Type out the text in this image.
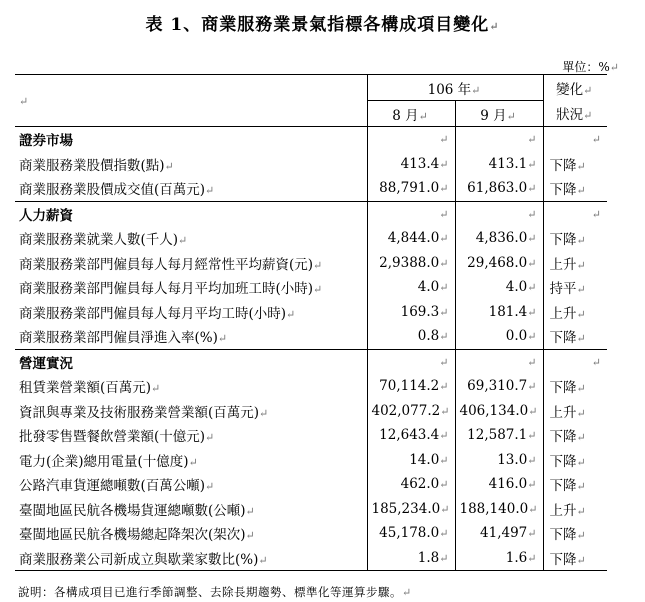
表 1、商業服務業景氣指標各構成項目變化↵
單位：%↵
↵	106 年↵		變化↵
	8 月↵	9 月↵	狀況↵
證券市場	↵	↵	↵
商業服務業股價指數(點)↵	413.4↵	413.1↵	下降↵
商業服務業股價成交值(百萬元)↵	88,791.0↵	61,863.0↵	下降↵
人力薪資	↵	↵	↵
商業服務業就業人數(千人)↵	4,844.0↵	4,836.0↵	下降↵
商業服務業部門僱員每人每月經常性平均薪資(元)↵	2,9388.0↵	29,468.0↵	上升↵
商業服務業部門僱員每人每月平均加班工時(小時)↵	4.0↵	4.0↵	持平↵
商業服務業部門僱員每人每月平均工時(小時)↵	169.3↵	181.4↵	上升↵
商業服務業部門僱員淨進入率(%)↵	0.8↵	0.0↵	下降↵
營運實況	↵	↵	↵
租賃業營業額(百萬元)↵	70,114.2↵	69,310.7↵	下降↵
資訊與專業及技術服務業營業額(百萬元)↵	402,077.2↵	406,134.0↵	上升↵
批發零售暨餐飲營業額(十億元)↵	12,643.4↵	12,587.1↵	下降↵
電力(企業)總用電量(十億度)↵	14.0↵	13.0↵	下降↵
公路汽車貨運總噸數(百萬公噸)↵	462.0↵	416.0↵	下降↵
臺閩地區民航各機場貨運總噸數(公噸)↵	185,234.0↵	188,140.0↵	上升↵
臺閩地區民航各機場總起降架次(架次)↵	45,178.0↵	41,497↵	下降↵
商業服務業公司新成立與歇業家數比(%)↵	1.8↵	1.6↵	下降↵
說明：各構成項目已進行季節調整、去除長期趨勢、標準化等運算步驟。↵
